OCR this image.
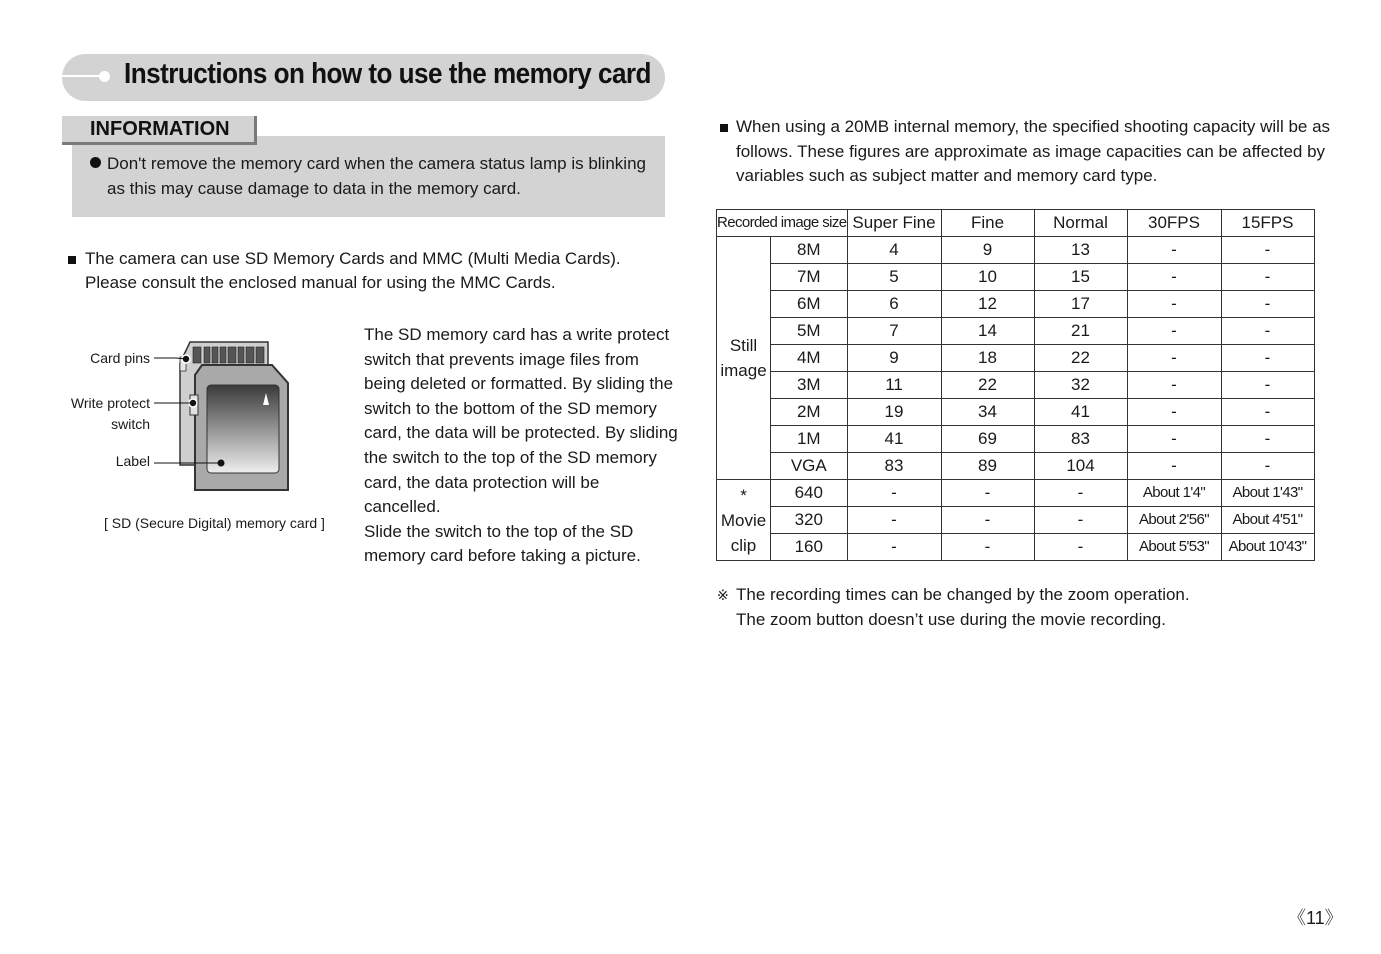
Instructions on how to use the memory card
INFORMATION
Don't remove the memory card when the camera status lamp is blinking as this may cause damage to data in the memory card.
The camera can use SD Memory Cards and MMC (Multi Media Cards).
Please consult the enclosed manual for using the MMC Cards.
Card pins
Write protect
switch
Label
[ SD (Secure Digital) memory card ]
The SD memory card has a write protect
switch that prevents image files from
being deleted or formatted. By sliding the
switch to the bottom of the SD memory
card, the data will be protected. By sliding
the switch to the top of the SD memory
card, the data protection will be
cancelled.
Slide the switch to the top of the SD
memory card before taking a picture.
When using a 20MB internal memory, the specified shooting capacity will be as
follows. These figures are approximate as image capacities can be affected by
variables such as subject matter and memory card type.
Recorded image size		Super Fine	Fine	Normal	30FPS	15FPS

Still
image	8M	4	9	13	-	-
	7M	5	10	15	-	-
	6M	6	12	17	-	-
	5M	7	14	21	-	-
	4M	9	18	22	-	-
	3M	11	22	32	-	-
	2M	19	34	41	-	-
	1M	41	69	83	-	-
	VGA	83	89	104	-	-

*
Movie
clip	640	-	-	-	About 1'4"	About 1'43"
	320	-	-	-	About 2'56"	About 4'51"
	160	-	-	-	About 5'53"	About 10'43"
※ The recording times can be changed by the zoom operation.
The zoom button doesn’t use during the movie recording.
《11》
